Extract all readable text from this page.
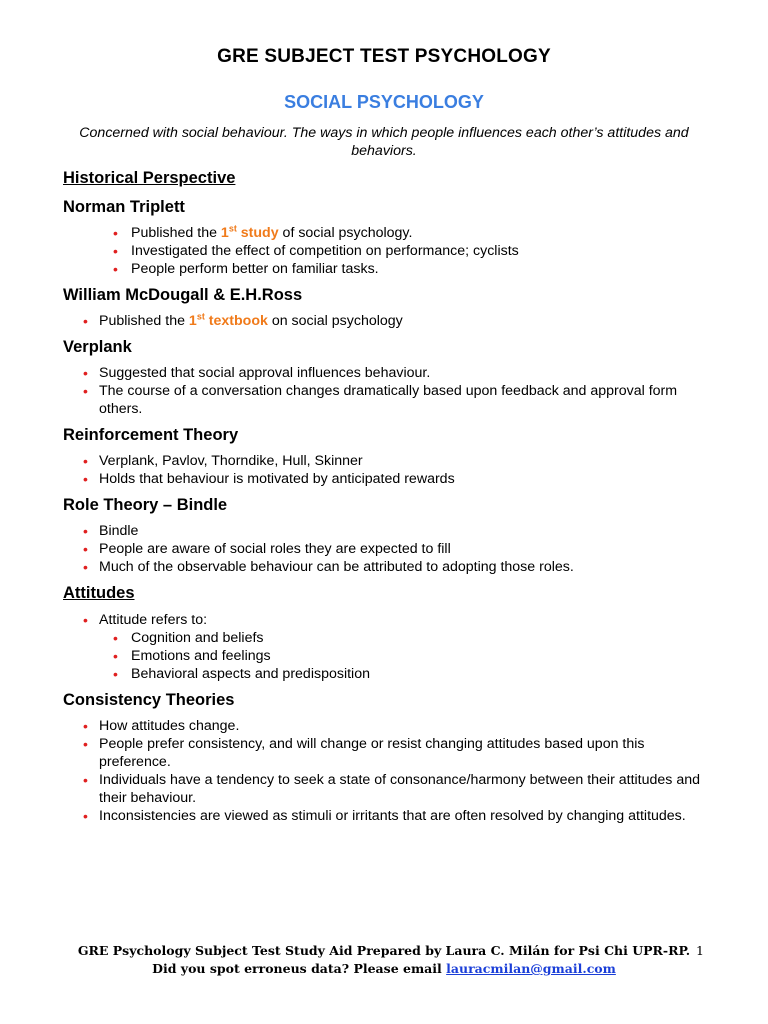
GRE SUBJECT TEST PSYCHOLOGY
SOCIAL PSYCHOLOGY
Concerned with social behaviour. The ways in which people influences each other’s attitudes and behaviors.
Historical Perspective
Norman Triplett
• Published the 1st study of social psychology.
• Investigated the effect of competition on performance; cyclists
• People perform better on familiar tasks.
William McDougall & E.H.Ross
• Published the 1st textbook on social psychology
Verplank
• Suggested that social approval influences behaviour.
• The course of a conversation changes dramatically based upon feedback and approval form others.
Reinforcement Theory
• Verplank, Pavlov, Thorndike, Hull, Skinner
• Holds that behaviour is motivated by anticipated rewards
Role Theory – Bindle
• Bindle
• People are aware of social roles they are expected to fill
• Much of the observable behaviour can be attributed to adopting those roles.
Attitudes
• Attitude refers to:
• Cognition and beliefs
• Emotions and feelings
• Behavioral aspects and predisposition
Consistency Theories
• How attitudes change.
• People prefer consistency, and will change or resist changing attitudes based upon this preference.
• Individuals have a tendency to seek a state of consonance/harmony between their attitudes and their behaviour.
• Inconsistencies are viewed as stimuli or irritants that are often resolved by changing attitudes.
GRE Psychology Subject Test Study Aid Prepared by Laura C. Milán for Psi Chi UPR-RP. 1
Did you spot erroneus data? Please email lauracmilan@gmail.com
